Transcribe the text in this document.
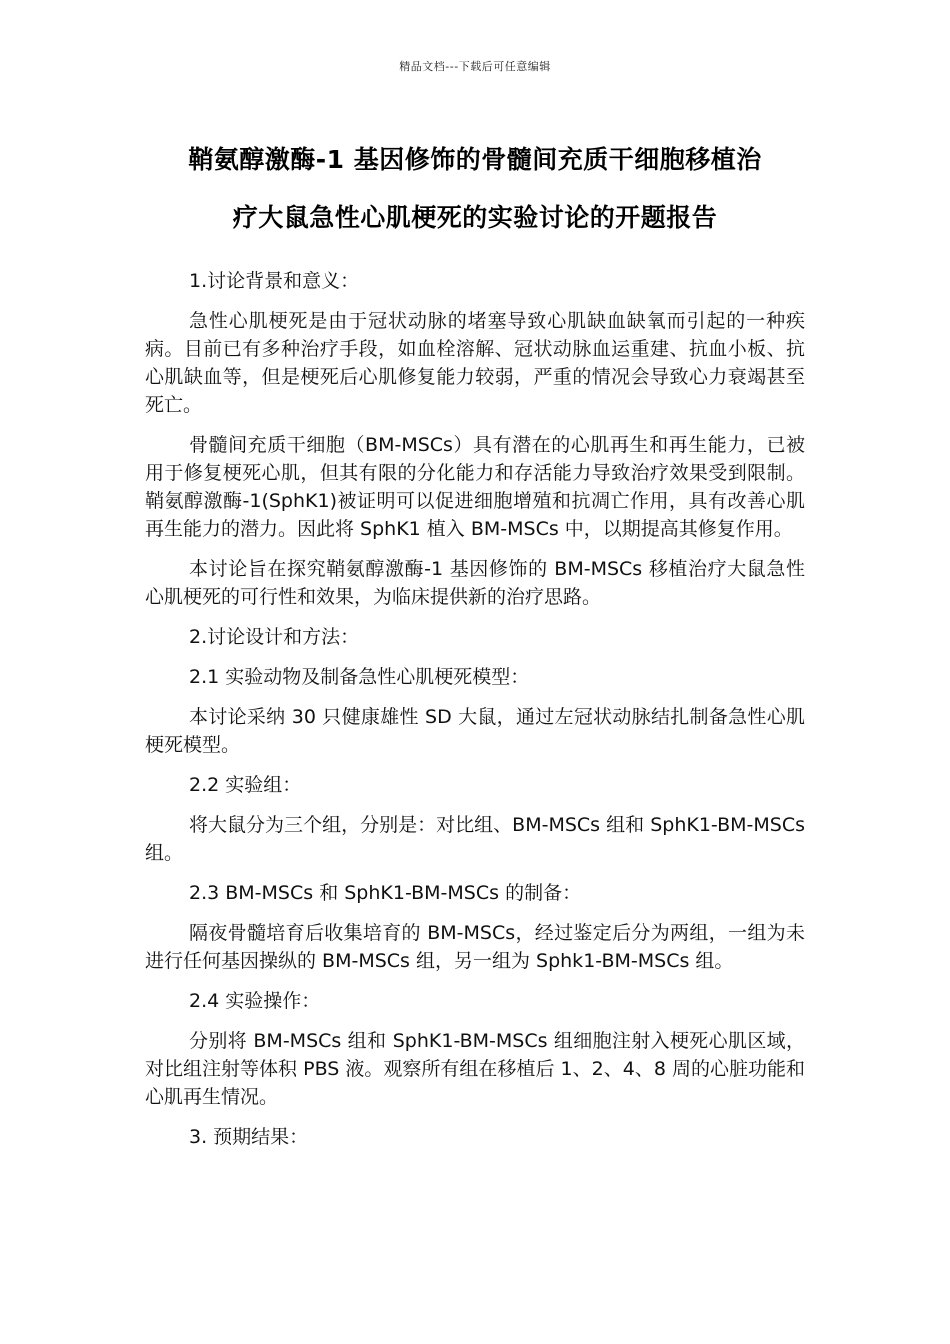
精品文档---下载后可任意编辑
鞘氨醇激酶-1 基因修饰的骨髓间充质干细胞移植治
疗大鼠急性心肌梗死的实验讨论的开题报告

1.讨论背景和意义：

急性心肌梗死是由于冠状动脉的堵塞导致心肌缺血缺氧而引起的一种疾病。目前已有多种治疗手段，如血栓溶解、冠状动脉血运重建、抗血小板、抗心肌缺血等，但是梗死后心肌修复能力较弱，严重的情况会导致心力衰竭甚至死亡。

骨髓间充质干细胞（BM-MSCs）具有潜在的心肌再生和再生能力，已被用于修复梗死心肌，但其有限的分化能力和存活能力导致治疗效果受到限制。鞘氨醇激酶-1(SphK1)被证明可以促进细胞增殖和抗凋亡作用，具有改善心肌再生能力的潜力。因此将 SphK1 植入 BM-MSCs 中，以期提高其修复作用。

本讨论旨在探究鞘氨醇激酶-1 基因修饰的 BM-MSCs 移植治疗大鼠急性心肌梗死的可行性和效果，为临床提供新的治疗思路。

2.讨论设计和方法：

2.1 实验动物及制备急性心肌梗死模型：

本讨论采纳 30 只健康雄性 SD 大鼠，通过左冠状动脉结扎制备急性心肌梗死模型。

2.2 实验组：

将大鼠分为三个组，分别是：对比组、BM-MSCs 组和 SphK1-BM-MSCs 组。

2.3 BM-MSCs 和 SphK1-BM-MSCs 的制备：

隔夜骨髓培育后收集培育的 BM-MSCs，经过鉴定后分为两组，一组为未进行任何基因操纵的 BM-MSCs 组，另一组为 Sphk1-BM-MSCs 组。

2.4 实验操作：

分别将 BM-MSCs 组和 SphK1-BM-MSCs 组细胞注射入梗死心肌区域，对比组注射等体积 PBS 液。观察所有组在移植后 1、2、4、8 周的心脏功能和心肌再生情况。

3. 预期结果：
